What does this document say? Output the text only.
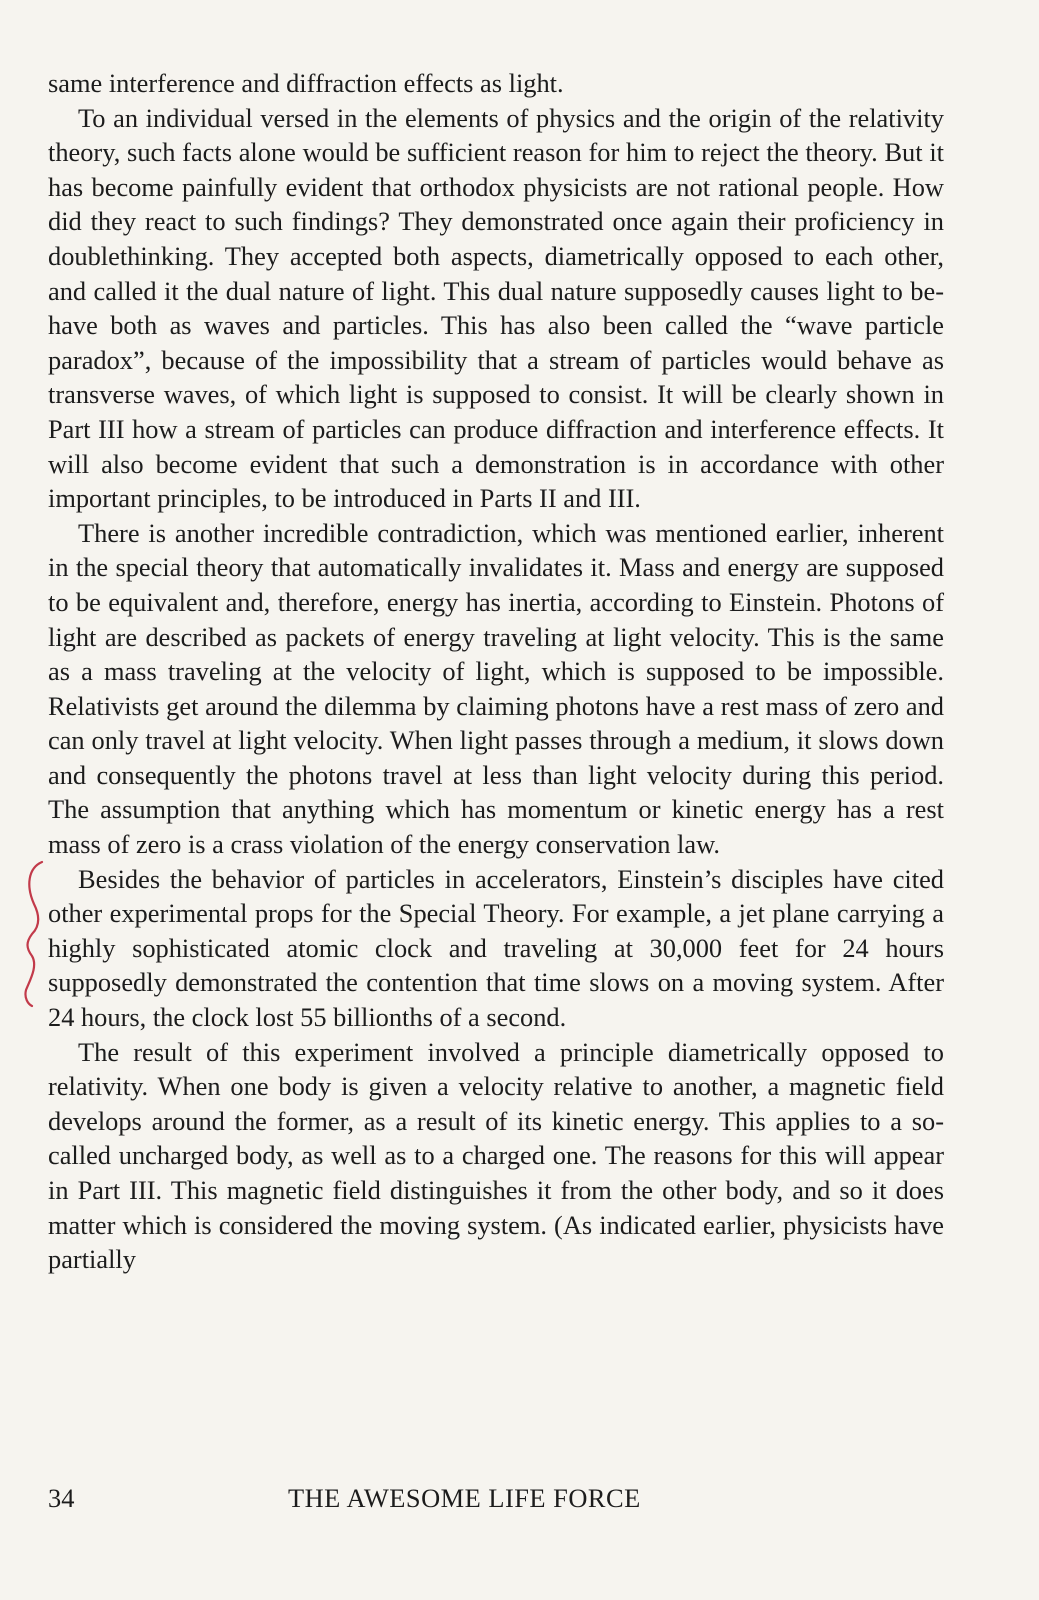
same interference and diffraction effects as light.

To an individual versed in the elements of physics and the origin of the relativity theory, such facts alone would be sufficient reason for him to reject the theory. But it has become painfully evident that orthodox physicists are not rational people. How did they react to such findings? They demonstrated once again their proficiency in doublethinking. They accepted both aspects, diametrically opposed to each other, and called it the dual nature of light. This dual nature supposedly causes light to behave both as waves and particles. This has also been called the “wave particle paradox”, because of the impossibility that a stream of particles would behave as transverse waves, of which light is supposed to consist. It will be clearly shown in Part III how a stream of particles can produce diffraction and interference effects. It will also become evident that such a demonstration is in accordance with other important principles, to be introduced in Parts II and III.

There is another incredible contradiction, which was mentioned earlier, inherent in the special theory that automatically invalidates it. Mass and energy are supposed to be equivalent and, therefore, energy has inertia, according to Einstein. Photons of light are described as packets of energy traveling at light velocity. This is the same as a mass traveling at the velocity of light, which is supposed to be impossible. Relativists get around the dilemma by claiming photons have a rest mass of zero and can only travel at light velocity. When light passes through a medium, it slows down and consequently the photons travel at less than light velocity during this period. The assumption that anything which has momentum or kinetic energy has a rest mass of zero is a crass violation of the energy conservation law.

Besides the behavior of particles in accelerators, Einstein’s disciples have cited other experimental props for the Special Theory. For example, a jet plane carrying a highly sophisticated atomic clock and traveling at 30,000 feet for 24 hours supposedly demonstrated the contention that time slows on a moving system. After 24 hours, the clock lost 55 billionths of a second.

The result of this experiment involved a principle diametrically opposed to relativity. When one body is given a velocity relative to another, a magnetic field develops around the former, as a result of its kinetic energy. This applies to a so-called uncharged body, as well as to a charged one. The reasons for this will appear in Part III. This magnetic field distinguishes it from the other body, and so it does matter which is considered the moving system. (As indicated earlier, physicists have partially

34	THE AWESOME LIFE FORCE
